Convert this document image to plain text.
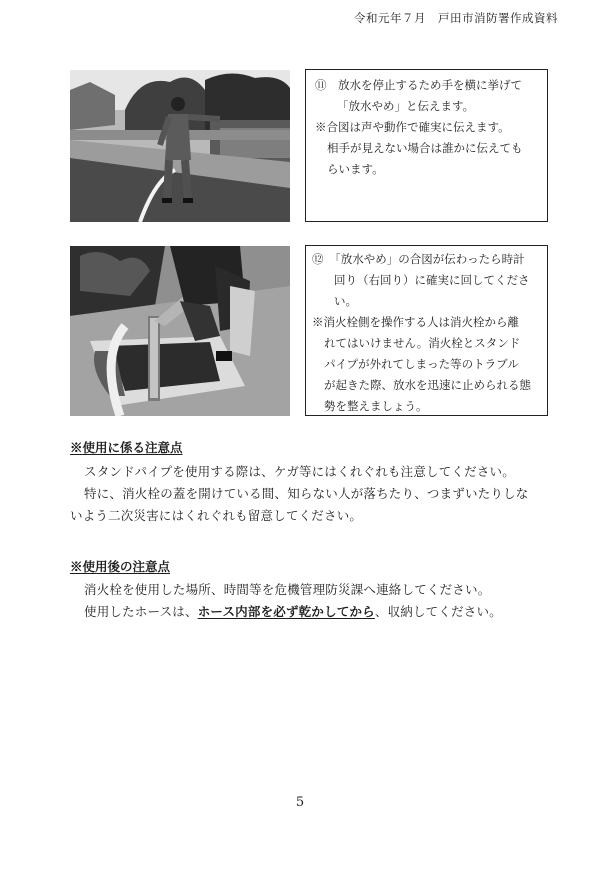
令和元年７月　戸田市消防署作成資料
⑪　 放水を停止するため手を横に挙げて
「放水やめ」と伝えます。
※合図は声や動作で確実に伝えます。
相手が見えない場合は誰かに伝えても
らいます。
⑫　 「放水やめ」の合図が伝わったら時計
回り（右回り）に確実に回してくださ
い。
※消火栓側を操作する人は消火栓から離
れてはいけません。消火栓とスタンド
パイプが外れてしまった等のトラブル
が起きた際、放水を迅速に止められる態
勢を整えましょう。
※使用に係る注意点
スタンドパイプを使用する際は、ケガ等にはくれぐれも注意してください。
特に、消火栓の蓋を開けている間、知らない人が落ちたり、つまずいたりしな
いよう二次災害にはくれぐれも留意してください。
※使用後の注意点
消火栓を使用した場所、時間等を危機管理防災課へ連絡してください。
使用したホースは、ホース内部を必ず乾かしてから、収納してください。
5
